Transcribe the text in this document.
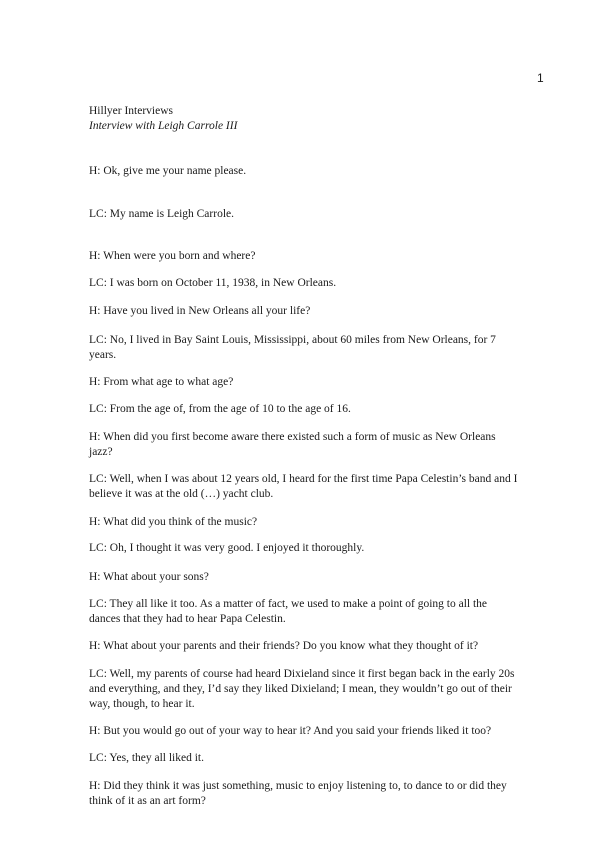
1

Hillyer Interviews

Interview with Leigh Carrole III

H: Ok, give me your name please.

LC: My name is Leigh Carrole.

H: When were you born and where?

LC: I was born on October 11, 1938, in New Orleans.

H: Have you lived in New Orleans all your life?

LC: No, I lived in Bay Saint Louis, Mississippi, about 60 miles from New Orleans, for 7 years.

H: From what age to what age?

LC: From the age of, from the age of 10 to the age of 16.

H: When did you first become aware there existed such a form of music as New Orleans jazz?

LC: Well, when I was about 12 years old, I heard for the first time Papa Celestin’s band and I believe it was at the old (…) yacht club.

H: What did you think of the music?

LC: Oh, I thought it was very good. I enjoyed it thoroughly.

H: What about your sons?

LC: They all like it too. As a matter of fact, we used to make a point of going to all the dances that they had to hear Papa Celestin.

H: What about your parents and their friends? Do you know what they thought of it?

LC: Well, my parents of course had heard Dixieland since it first began back in the early 20s and everything, and they, I’d say they liked Dixieland; I mean, they wouldn’t go out of their way, though, to hear it.

H: But you would go out of your way to hear it? And you said your friends liked it too?

LC: Yes, they all liked it.

H: Did they think it was just something, music to enjoy listening to, to dance to or did they think of it as an art form?
